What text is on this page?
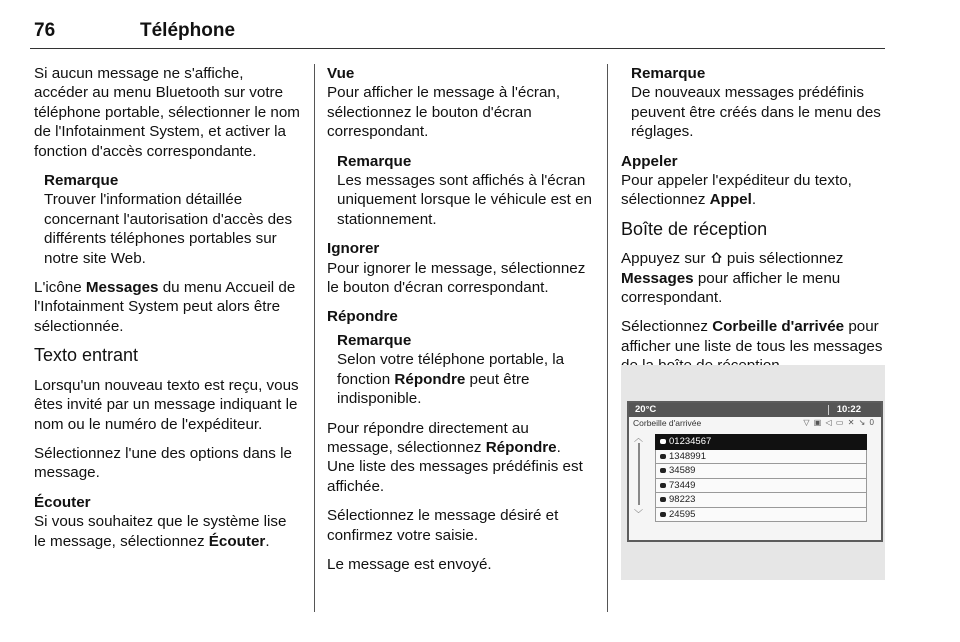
76	Téléphone

Si aucun message ne s'affiche, accéder au menu Bluetooth sur votre téléphone portable, sélectionner le nom de l'Infotainment System, et activer la fonction d'accès correspondante.

Remarque
Trouver l'information détaillée concernant l'autorisation d'accès des différents téléphones portables sur notre site Web.

L'icône Messages du menu Accueil de l'Infotainment System peut alors être sélectionnée.

Texto entrant

Lorsqu'un nouveau texto est reçu, vous êtes invité par un message indiquant le nom ou le numéro de l'expéditeur.

Sélectionnez l'une des options dans le message.

Écouter
Si vous souhaitez que le système lise le message, sélectionnez Écouter.

Vue
Pour afficher le message à l'écran, sélectionnez le bouton d'écran correspondant.

Remarque
Les messages sont affichés à l'écran uniquement lorsque le véhicule est en stationnement.

Ignorer
Pour ignorer le message, sélectionnez le bouton d'écran correspondant.

Répondre

Remarque
Selon votre téléphone portable, la fonction Répondre peut être indisponible.

Pour répondre directement au message, sélectionnez Répondre. Une liste des messages prédéfinis est affichée.

Sélectionnez le message désiré et confirmez votre saisie.

Le message est envoyé.

Remarque
De nouveaux messages prédéfinis peuvent être créés dans le menu des réglages.

Appeler
Pour appeler l'expéditeur du texto, sélectionnez Appel.

Boîte de réception

Appuyez sur  puis sélectionnez Messages pour afficher le menu correspondant.

Sélectionnez Corbeille d'arrivée pour afficher une liste de tous les messages

20°C	10:22
Corbeille d'arrivée	▽ ▣ ◁ ▭ ✕ ↘ 0
︿
﹀
01234567
1348991
34589
73449
98223
24595
